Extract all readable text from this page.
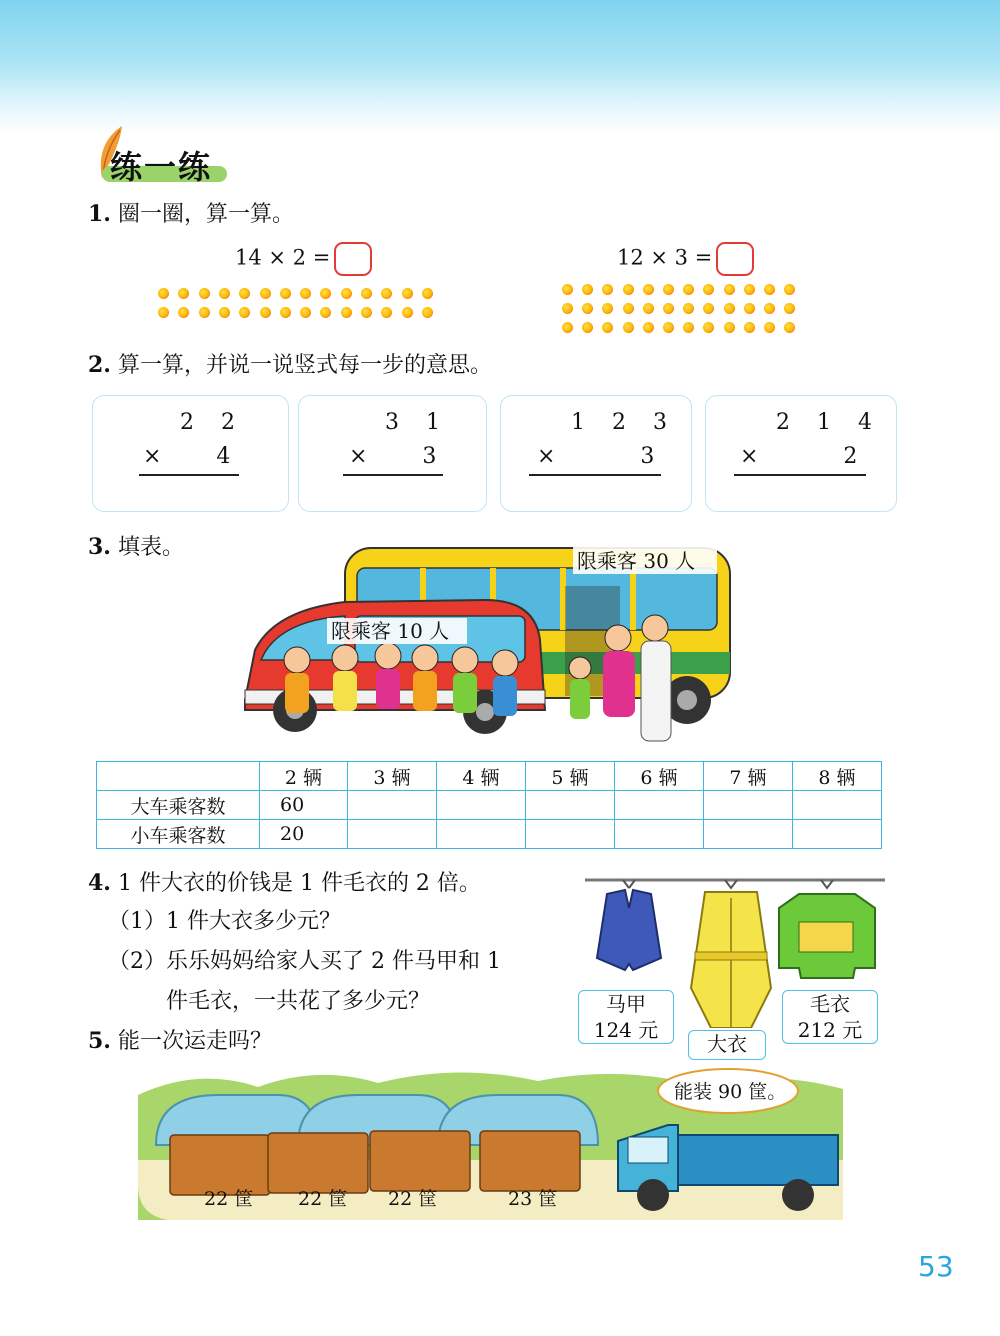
练一练
1. 圈一圈，算一算。
14 × 2 =	12 × 3 =
2. 算一算，并说一说竖式每一步的意思。
2 2
× 4
3 1
× 3
1 2 3
× 3
2 1 4
× 2
3. 填表。
限乘客 30 人
限乘客 10 人
	2 辆	3 辆	4 辆	5 辆	6 辆	7 辆	8 辆
大车乘客数	60						
小车乘客数	20						
4. 1 件大衣的价钱是 1 件毛衣的 2 倍。
（1）1 件大衣多少元？
（2）乐乐妈妈给家人买了 2 件马甲和 1
件毛衣，一共花了多少元？	马甲
124 元
大衣
毛衣
212 元
5. 能一次运走吗？
能装 90 筐。
22 筐 22 筐 22 筐	23 筐
53
